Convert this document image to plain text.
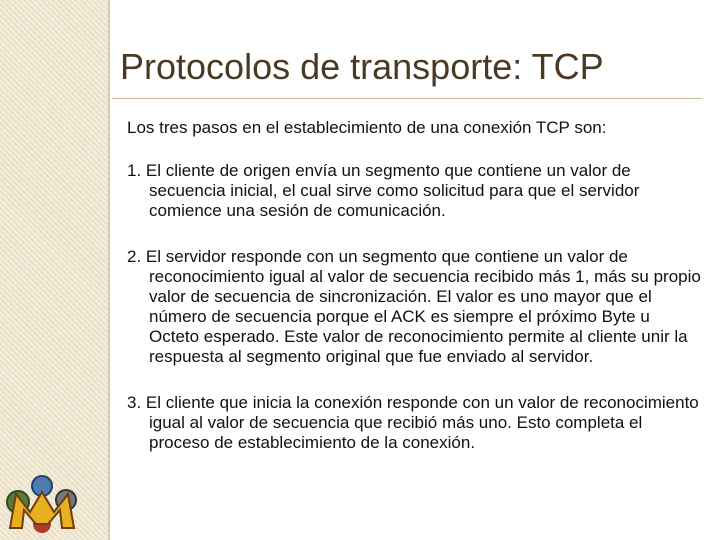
Protocolos de transporte: TCP

Los tres pasos en el establecimiento de una conexión TCP son:

1. El cliente de origen envía un segmento que contiene un valor de secuencia inicial, el cual sirve como solicitud para que el servidor comience una sesión de comunicación.

2. El servidor responde con un segmento que contiene un valor de reconocimiento igual al valor de secuencia recibido más 1, más su propio valor de secuencia de sincronización. El valor es uno mayor que el número de secuencia porque el ACK es siempre el próximo Byte u Octeto esperado. Este valor de reconocimiento permite al cliente unir la respuesta al segmento original que fue enviado al servidor.

3. El cliente que inicia la conexión responde con un valor de reconocimiento igual al valor de secuencia que recibió más uno. Esto completa el proceso de establecimiento de la conexión.
